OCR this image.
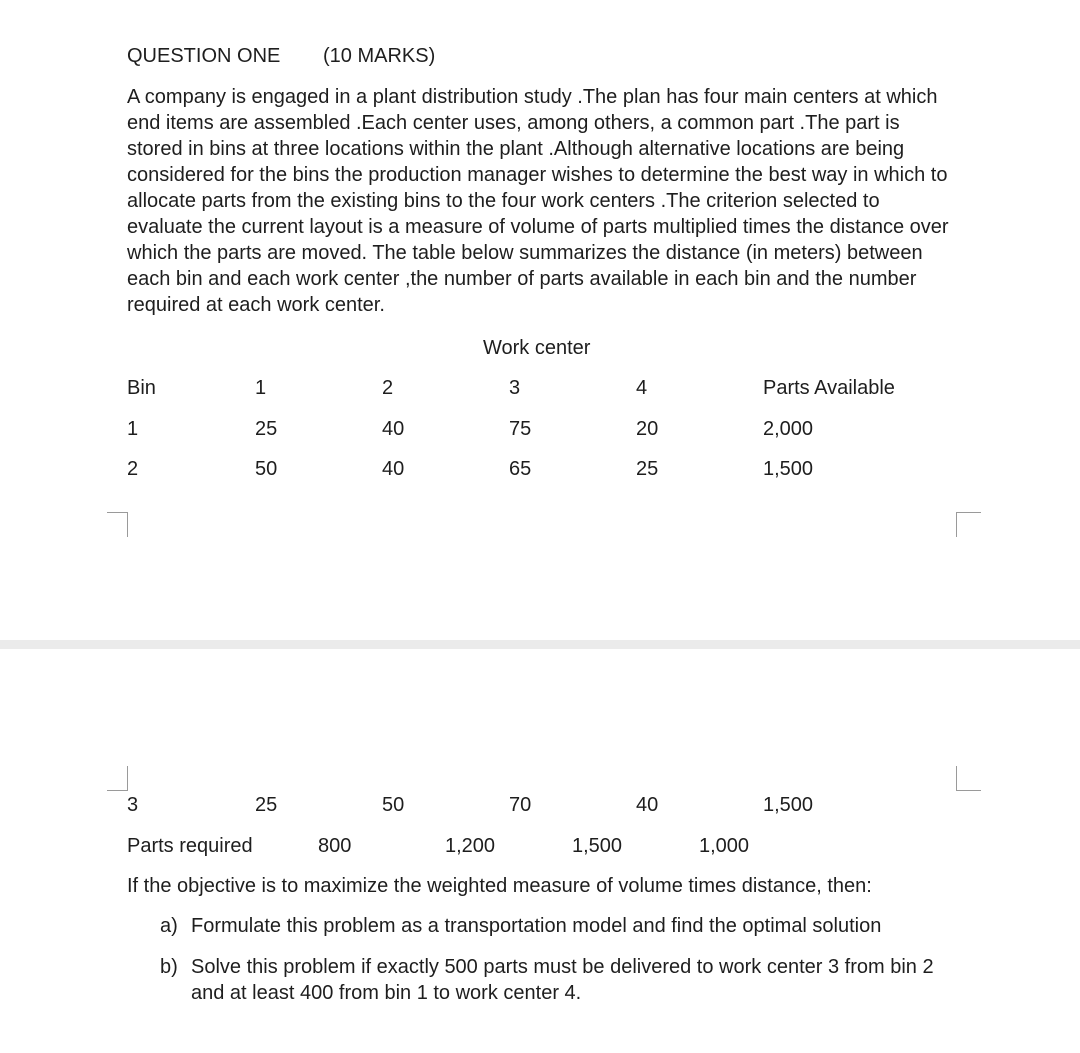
QUESTION ONE (10 MARKS)
A company is engaged in a plant distribution study .The plan has four main centers at which end items are assembled .Each center uses, among others, a common part .The part is stored in bins at three locations within the plant .Although alternative locations are being considered for the bins the production manager wishes to determine the best way in which to allocate parts from the existing bins to the four work centers .The criterion selected to evaluate the current layout is a measure of volume of parts multiplied times the distance over which the parts are moved. The table below summarizes the distance (in meters) between each bin and each work center ,the number of parts available in each bin and the number required at each work center.
Work center
Bin	1	2	3	4	Parts Available
1	25	40	75	20	2,000
2	50	40	65	25	1,500
3	25	50	70	40	1,500
Parts required	800	1,200	1,500	1,000
If the objective is to maximize the weighted measure of volume times distance, then:
a) Formulate this problem as a transportation model and find the optimal solution
b) Solve this problem if exactly 500 parts must be delivered to work center 3 from bin 2 and at least 400 from bin 1 to work center 4.
